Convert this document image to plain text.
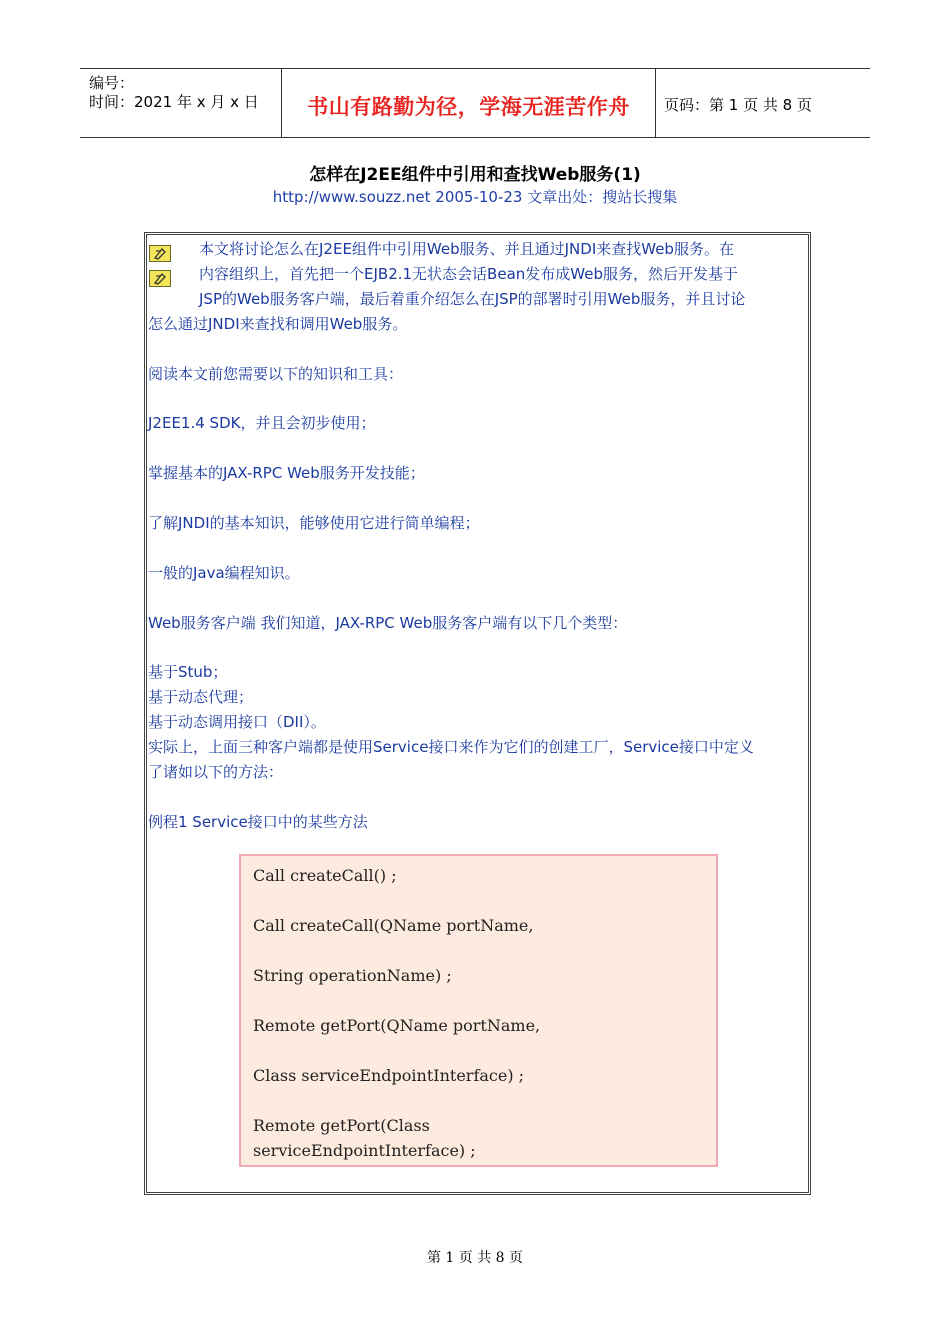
编号：
时间：2021 年 x 月 x 日	书山有路勤为径，学海无涯苦作舟	页码：第 1 页 共 8 页
怎样在J2EE组件中引用和查找Web服务(1)
http://www.souzz.net 2005-10-23 文章出处：搜站长搜集
本文将讨论怎么在J2EE组件中引用Web服务、并且通过JNDI来查找Web服务。在
内容组织上，首先把一个EJB2.1无状态会话Bean发布成Web服务，然后开发基于
JSP的Web服务客户端，最后着重介绍怎么在JSP的部署时引用Web服务，并且讨论
怎么通过JNDI来查找和调用Web服务。
阅读本文前您需要以下的知识和工具：
J2EE1.4 SDK，并且会初步使用；
掌握基本的JAX-RPC Web服务开发技能；
了解JNDI的基本知识，能够使用它进行简单编程；
一般的Java编程知识。
Web服务客户端 我们知道，JAX-RPC Web服务客户端有以下几个类型：
基于Stub；
基于动态代理；
基于动态调用接口（DII）。
实际上，上面三种客户端都是使用Service接口来作为它们的创建工厂，Service接口中定义
了诸如以下的方法：
例程1 Service接口中的某些方法
Call createCall() ;
Call createCall(QName portName,
String operationName) ;
Remote getPort(QName portName,
Class serviceEndpointInterface) ;
Remote getPort(Class
serviceEndpointInterface) ;
第 1 页 共 8 页
